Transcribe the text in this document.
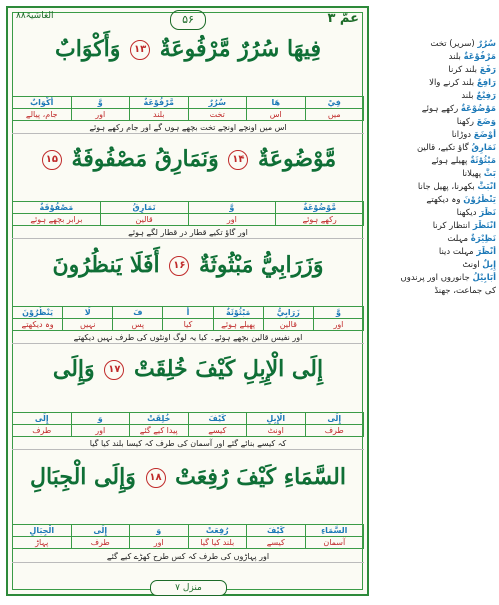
عمّ ۳
۵۶
الغاشیۃ۸۸
فِيهَا سُرُرٌ مَّرْفُوعَةٌ ۱۳ وَأَكْوَابٌ
فِيْ	هَا	سُرُرٌ	مَّرْفُوْعَةٌ	وَّ	أَكْوَابٌ
میں	اس	تخت	بلند	اور	جام، پیالے
اس میں اونچے اونچے تخت بچھے ہوں گے اور جام رکھے ہوئے
مَّوْضُوعَةٌ ۱۴ وَنَمَارِقُ مَصْفُوفَةٌ ۱۵
مَّوْضُوْعَةٌ	وَّ	نَمَارِقُ	مَصْفُوْفَةٌ
رکھے ہوئے	اور	قالین	برابر بچھے ہوئے
اور گاؤ تکیے قطار در قطار لگے ہوئے
وَزَرَابِيُّ مَبْثُوثَةٌ ۱۶ أَفَلَا يَنظُرُونَ
وَّ	زَرَابِيُّ	مَبْثُوْثَةٌ	أَ	فَ	لَا	يَنْظُرُوْنَ
اور	قالین	پھیلے ہوئے	کیا	پس	نہیں	وہ دیکھتے
اور نفیس قالین بچھے ہوئے۔ کیا یہ لوگ اونٹوں کی طرف نہیں دیکھتے
إِلَى الْإِبِلِ كَيْفَ خُلِقَتْ ۱۷ وَإِلَى
إِلَى	الْإِبِلِ	كَيْفَ	خُلِقَتْ	وَ	إِلَى
طرف	اونٹ	کیسے	پیدا کیے گئے	اور	طرف
کہ کیسے بنائے گئے اور آسمان کی طرف کہ کیسا بلند کیا گیا
السَّمَاءِ كَيْفَ رُفِعَتْ ۱۸ وَإِلَى الْجِبَالِ
السَّمَاءِ	كَيْفَ	رُفِعَتْ	وَ	إِلَى	الْجِبَالِ
آسمان	کیسے	بلند کیا گیا	اور	طرف	پہاڑ
اور پہاڑوں کی طرف کہ کس طرح کھڑے کیے گئے
منزل ۷
سُرُرٌ (سریر) تخت
مَرْفُوْعَةٌ بلند
رَفَعَ بلند کرنا
رَافِعٌ بلند کرنے والا
رَفِيْعٌ بلند
مَوْضُوْعَةٌ رکھے ہوئے
وَضَعَ رکھنا
أَوْضَعَ دوڑانا
نَمَارِقُ گاؤ تکیے، قالین
مَبْثُوْثَةٌ پھیلے ہوئے
بَثَّ پھیلانا
انْبَثَّ بکھرنا، پھیل جانا
يَنْظُرُوْنَ وہ دیکھتے
نَظَرَ دیکھنا
انْتَظَرَ انتظار کرنا
نَظِيْرَةٌ مہلت
أَنْظَرَ مہلت دینا
إِبِلٌ اونٹ
أَبَابِيْلُ جانوروں اور پرندوں
کی جماعت، جھنڈ
